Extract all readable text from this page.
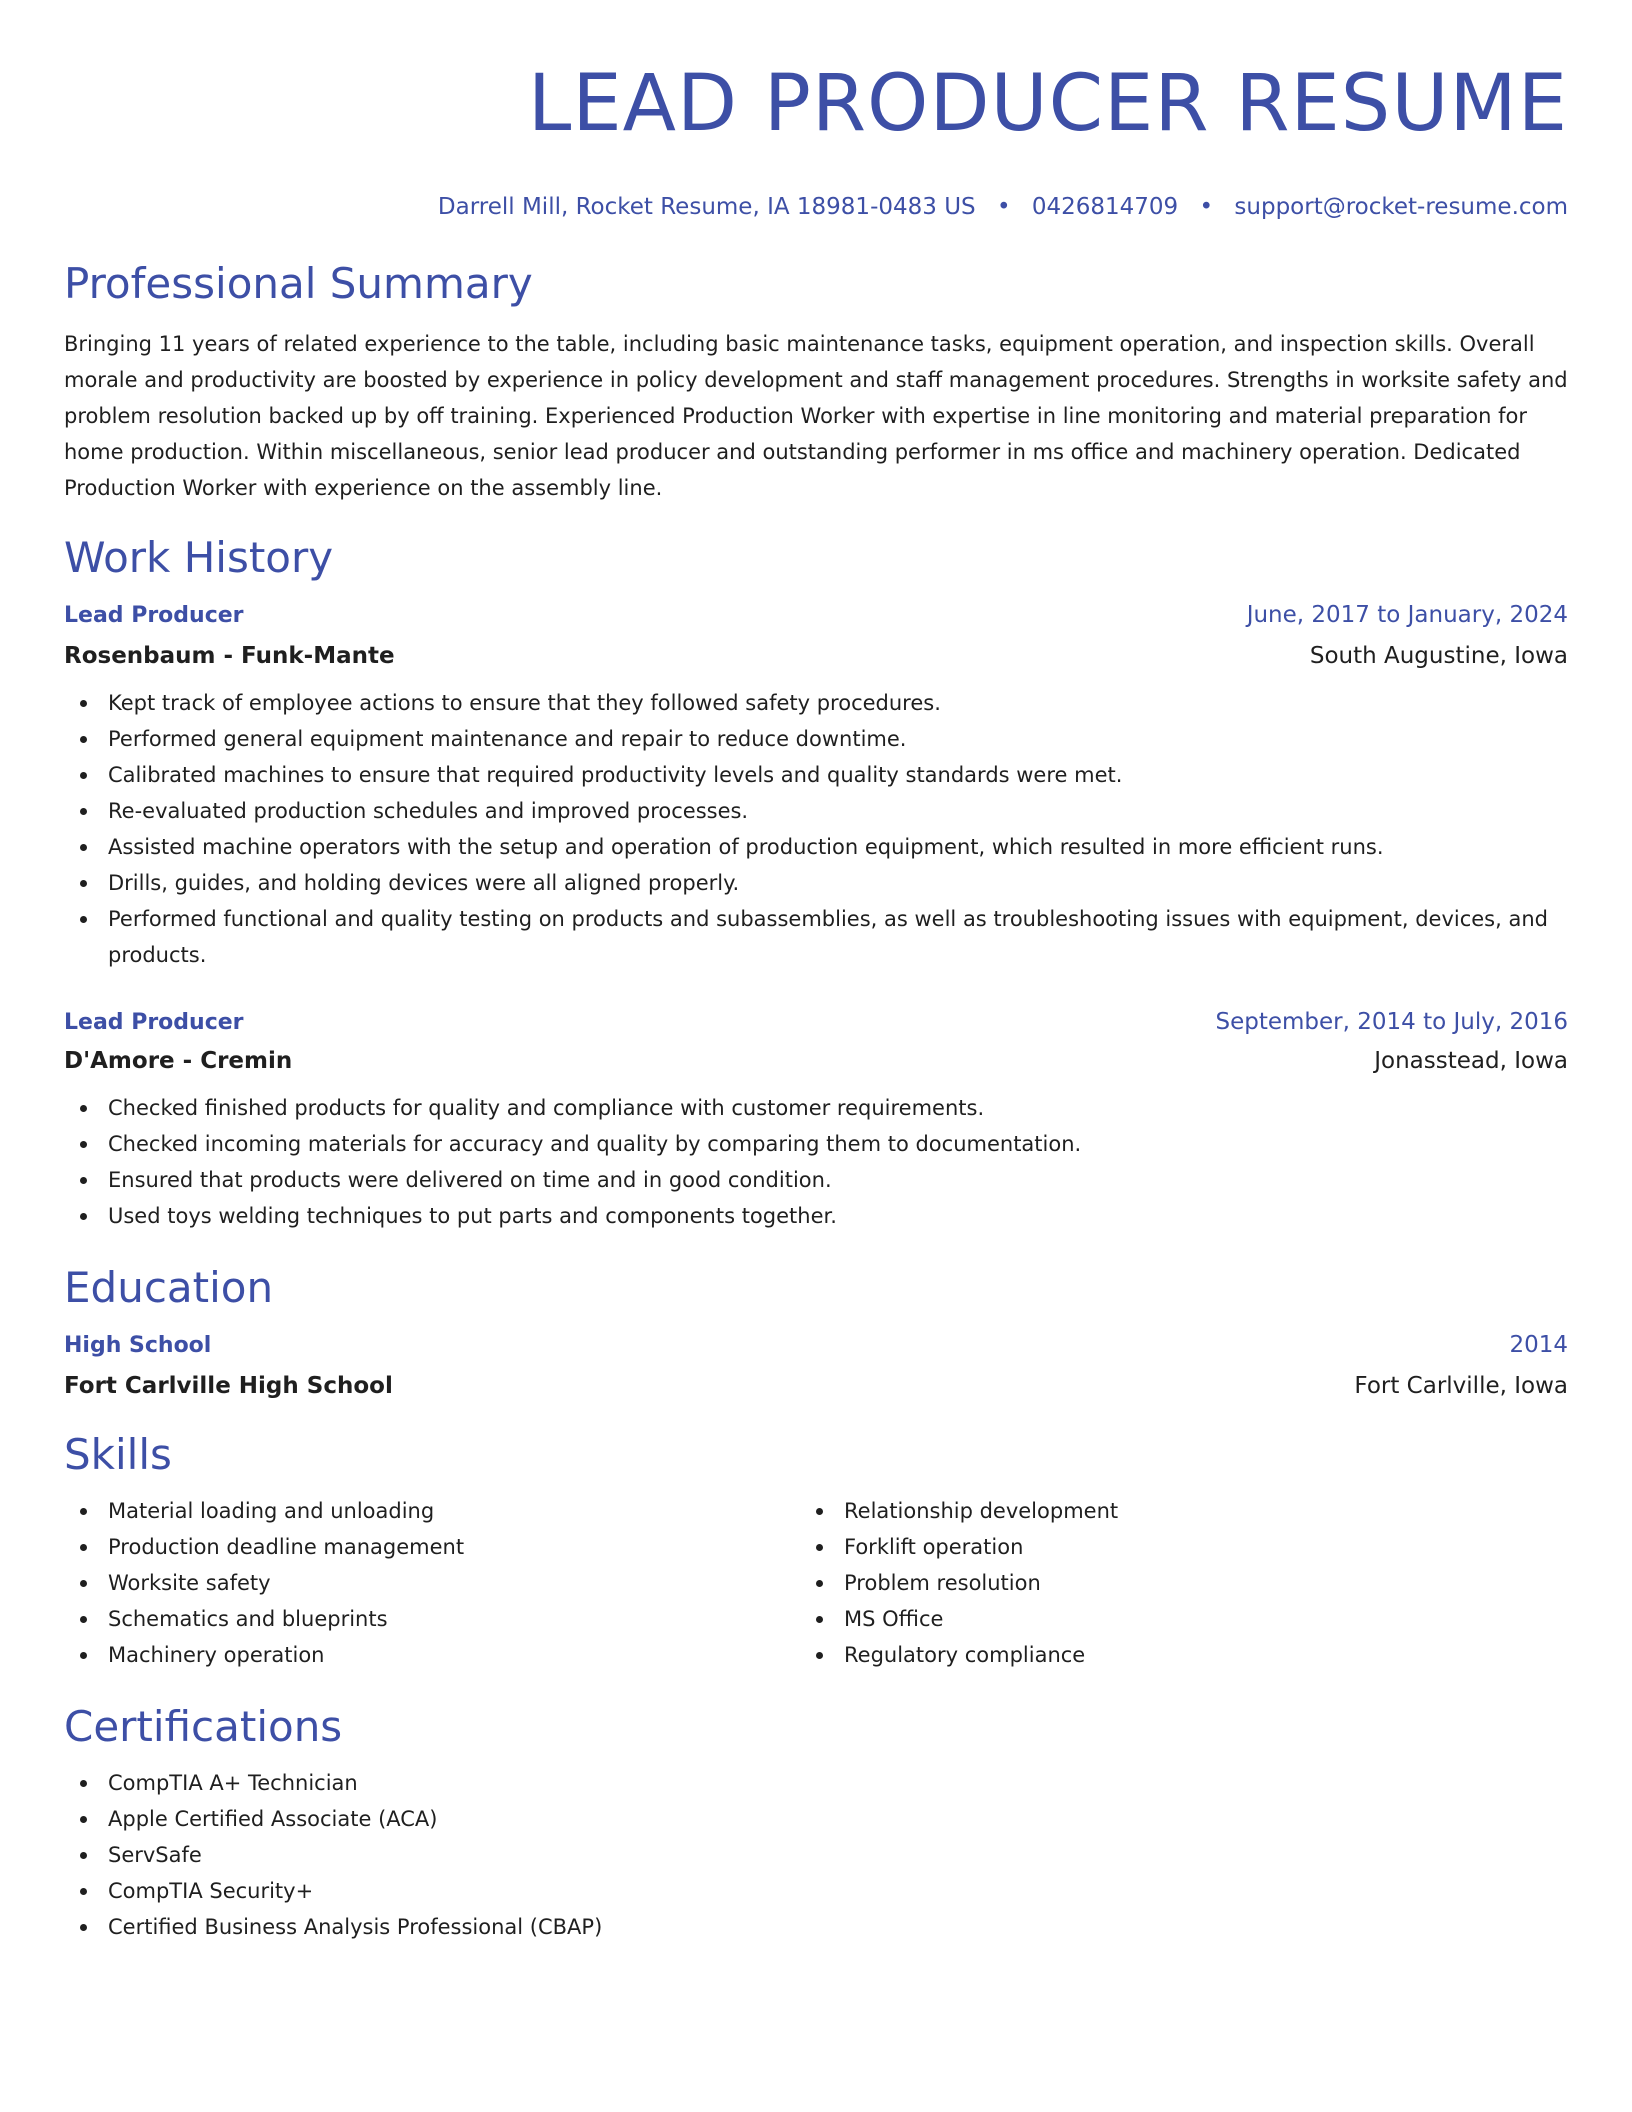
LEAD PRODUCER RESUME
Darrell Mill, Rocket Resume, IA 18981-0483 US • 0426814709 • support@rocket-resume.com
Professional Summary
Bringing 11 years of related experience to the table, including basic maintenance tasks, equipment operation, and inspection skills. Overall morale and productivity are boosted by experience in policy development and staff management procedures. Strengths in worksite safety and problem resolution backed up by off training. Experienced Production Worker with expertise in line monitoring and material preparation for home production. Within miscellaneous, senior lead producer and outstanding performer in ms office and machinery operation. Dedicated Production Worker with experience on the assembly line.
Work History
Lead Producer	June, 2017 to January, 2024
Rosenbaum - Funk-Mante	South Augustine, Iowa
Kept track of employee actions to ensure that they followed safety procedures.
Performed general equipment maintenance and repair to reduce downtime.
Calibrated machines to ensure that required productivity levels and quality standards were met.
Re-evaluated production schedules and improved processes.
Assisted machine operators with the setup and operation of production equipment, which resulted in more efficient runs.
Drills, guides, and holding devices were all aligned properly.
Performed functional and quality testing on products and subassemblies, as well as troubleshooting issues with equipment, devices, and products.
Lead Producer	September, 2014 to July, 2016
D'Amore - Cremin	Jonasstead, Iowa
Checked finished products for quality and compliance with customer requirements.
Checked incoming materials for accuracy and quality by comparing them to documentation.
Ensured that products were delivered on time and in good condition.
Used toys welding techniques to put parts and components together.
Education
High School	2014
Fort Carlville High School	Fort Carlville, Iowa
Skills
Material loading and unloading
Production deadline management
Worksite safety
Schematics and blueprints
Machinery operation
Relationship development
Forklift operation
Problem resolution
MS Office
Regulatory compliance
Certifications
CompTIA A+ Technician
Apple Certified Associate (ACA)
ServSafe
CompTIA Security+
Certified Business Analysis Professional (CBAP)
